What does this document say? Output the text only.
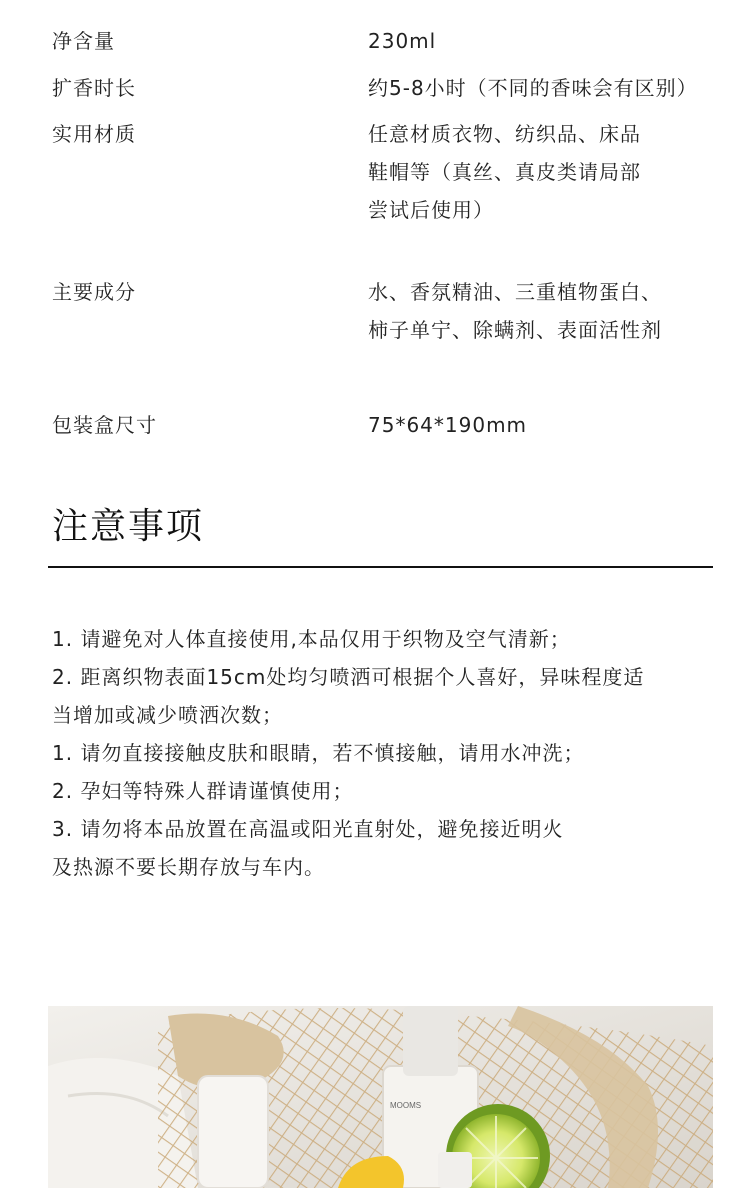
净含量	230ml
扩香时长	约5-8小时（不同的香味会有区别）
实用材质	任意材质衣物、纺织品、床品
鞋帽等（真丝、真皮类请局部
尝试后使用）
主要成分	水、香氛精油、三重植物蛋白、
柿子单宁、除螨剂、表面活性剂
包装盒尺寸	75*64*190mm
注意事项
1. 请避免对人体直接使用,本品仅用于织物及空气清新；
2. 距离织物表面15cm处均匀喷洒可根据个人喜好，异味程度适
当增加或减少喷洒次数；
1. 请勿直接接触皮肤和眼睛，若不慎接触，请用水冲洗；
2. 孕妇等特殊人群请谨慎使用；
3. 请勿将本品放置在高温或阳光直射处，避免接近明火
及热源不要长期存放与车内。
MOOMS
